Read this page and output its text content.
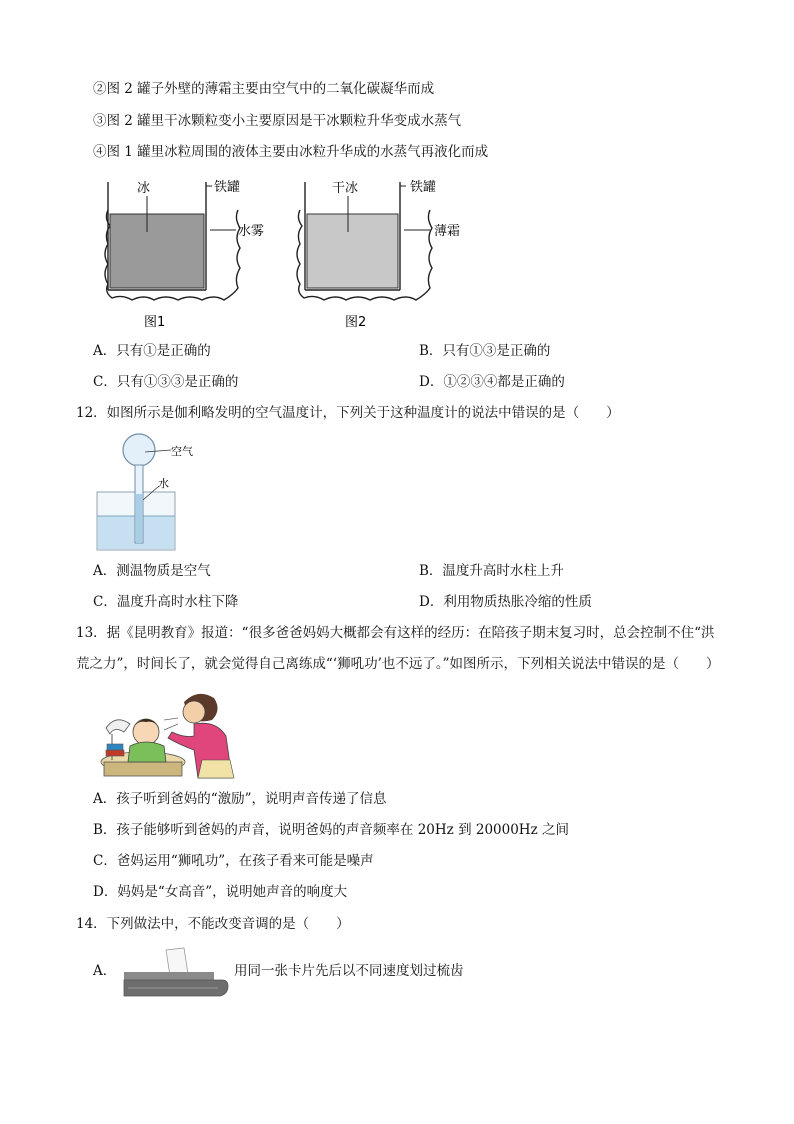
②图 2 罐子外壁的薄霜主要由空气中的二氧化碳凝华而成
③图 2 罐里干冰颗粒变小主要原因是干冰颗粒升华变成水蒸气
④图 1 罐里冰粒周围的液体主要由冰粒升华成的水蒸气再液化而成
冰	铁罐
水雾
图1
干冰	铁罐
薄霜
图2
A．只有①是正确的	B．只有①③是正确的
C．只有①③③是正确的	D．①②③④都是正确的
12．如图所示是伽利略发明的空气温度计，下列关于这种温度计的说法中错误的是（　　）
空气
水
A．测温物质是空气	B．温度升高时水柱上升
C．温度升高时水柱下降	D．利用物质热胀冷缩的性质
13．据《昆明教育》报道：“很多爸爸妈妈大概都会有这样的经历：在陪孩子期末复习时，总会控制不住“洪
荒之力”，时间长了，就会觉得自己离练成“‘狮吼功’也不远了。”如图所示，下列相关说法中错误的是（　　）
A．孩子听到爸妈的“激励”，说明声音传递了信息
B．孩子能够听到爸妈的声音，说明爸妈的声音频率在 20Hz 到 20000Hz 之间
C．爸妈运用“狮吼功”，在孩子看来可能是噪声
D．妈妈是“女高音”，说明她声音的响度大
14．下列做法中，不能改变音调的是（　　）
A．	用同一张卡片先后以不同速度划过梳齿
